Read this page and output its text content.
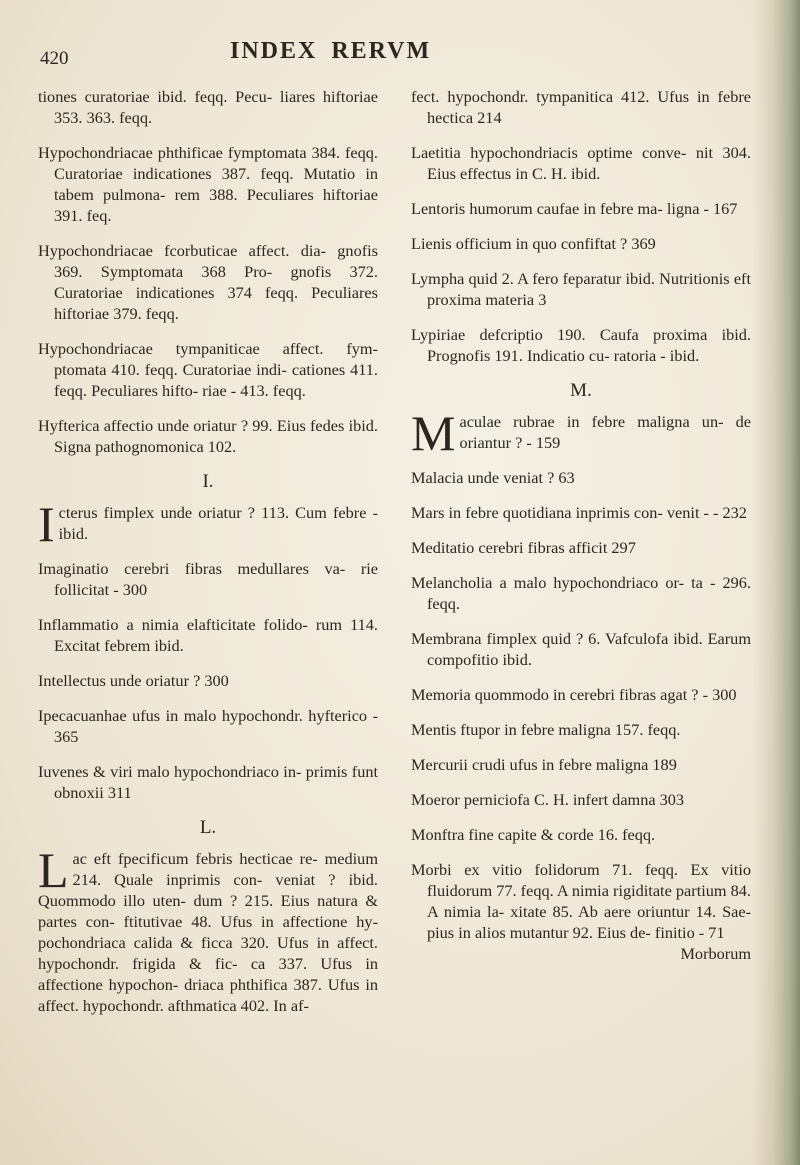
420	INDEX RERVM

tiones curatoriae ibid. feqq. Pecu- liares hiftoriae 353. 363. feqq.

Hypochondriacae phthificae fymptomata 384. feqq. Curatoriae indicationes 387. feqq. Mutatio in tabem pulmona- rem 388. Peculiares hiftoriae 391. feq.

Hypochondriacae fcorbuticae affect. dia- gnofis 369. Symptomata 368 Pro- gnofis 372. Curatoriae indicationes 374 feqq. Peculiares hiftoriae 379. feqq.

Hypochondriacae tympaniticae affect. fym- ptomata 410. feqq. Curatoriae indi- cationes 411. feqq. Peculiares hifto- riae - 413. feqq.

Hyfterica affectio unde oriatur ? 99. Eius fedes ibid. Signa pathognomonica 102.

I.

I cterus fimplex unde oriatur ? 113. Cum febre - ibid.

Imaginatio cerebri fibras medullares va- rie follicitat - 300

Inflammatio a nimia elafticitate folido- rum 114. Excitat febrem ibid.

Intellectus unde oriatur ? 300

Ipecacuanhae ufus in malo hypochondr. hyfterico - 365

Iuvenes & viri malo hypochondriaco in- primis funt obnoxii 311

L.

L ac eft fpecificum febris hecticae re- medium 214. Quale inprimis con- veniat ? ibid. Quommodo illo uten- dum ? 215. Eius natura & partes con- ftitutivae 48. Ufus in affectione hy- pochondriaca calida & ficca 320. Ufus in affect. hypochondr. frigida & fic- ca 337. Ufus in affectione hypochon- driaca phthifica 387. Ufus in affect. hypochondr. afthmatica 402. In af-

fect. hypochondr. tympanitica 412. Ufus in febre hectica 214

Laetitia hypochondriacis optime conve- nit 304. Eius effectus in C. H. ibid.

Lentoris humorum caufae in febre ma- ligna - 167

Lienis officium in quo confiftat ? 369

Lympha quid 2. A fero feparatur ibid. Nutritionis eft proxima materia 3

Lypiriae defcriptio 190. Caufa proxima ibid. Prognofis 191. Indicatio cu- ratoria - ibid.

M.

M aculae rubrae in febre maligna un- de oriantur ? - 159

Malacia unde veniat ? 63

Mars in febre quotidiana inprimis con- venit - - 232

Meditatio cerebri fibras afficit 297

Melancholia a malo hypochondriaco or- ta - 296. feqq.

Membrana fimplex quid ? 6. Vafculofa ibid. Earum compofitio ibid.

Memoria quommodo in cerebri fibras agat ? - 300

Mentis ftupor in febre maligna 157. feqq.

Mercurii crudi ufus in febre maligna 189

Moeror perniciofa C. H. infert damna 303

Monftra fine capite & corde 16. feqq.

Morbi ex vitio folidorum 71. feqq. Ex vitio fluidorum 77. feqq. A nimia rigiditate partium 84. A nimia la- xitate 85. Ab aere oriuntur 14. Sae- pius in alios mutantur 92. Eius de- finitio - 71

Morborum
